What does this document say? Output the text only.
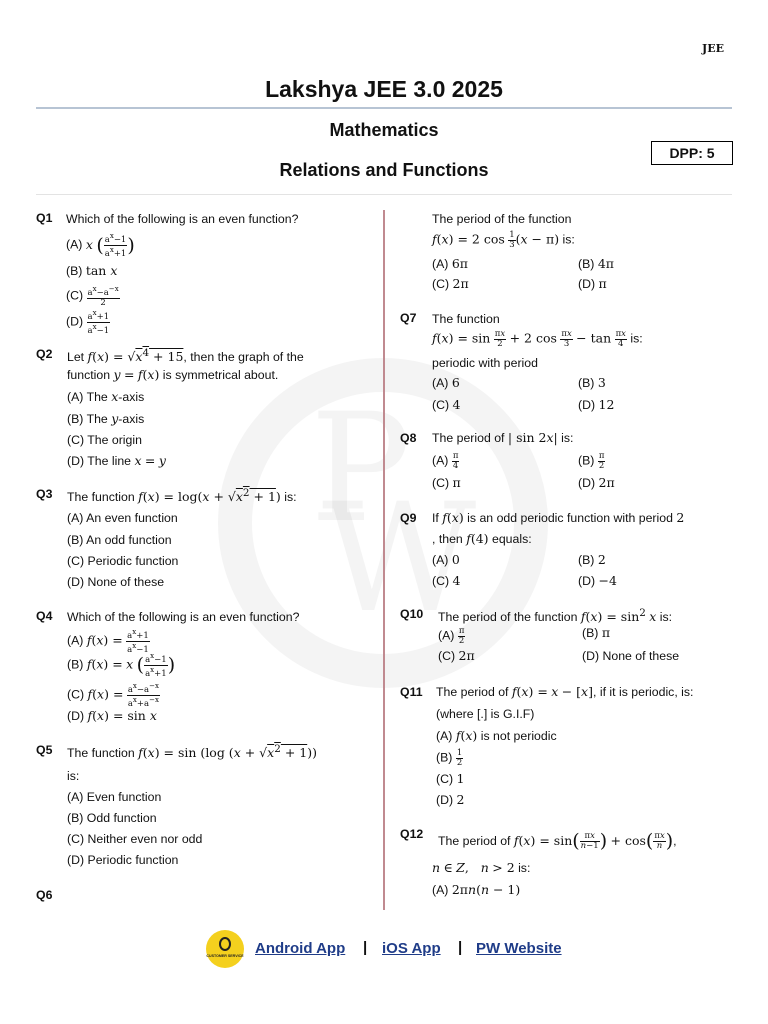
JEE
Lakshya JEE 3.0 2025
Mathematics
Relations and Functions
DPP: 5
Q1 Which of the following is an even function?
(A) x ( $\frac{a^x-1}{a^x+1}$ )
(B) tan x
$(C) \frac{a^x-a^{-x}}{2}$
$(D) \frac{a^x+1}{a^x-1}$
Q2 Let $f(x) = √x^4 + 15$, then the graph of the
function y = f(x) is symmetrical about.
(A) The x-axis
(B) The y-axis
(C) The origin
(D) The line x = y
Q3 The function $f(x) = \log(x + √x^2 + 1)$ is:
(A) An even function
(B) An odd function
(C) Periodic function
(D) None of these
Q4 Which of the following is an even function?
(A) $f(x) = \frac{a^x+1}{a^x-1}$
(B) f(x) = x ( $\frac{a^x-1}{a^x+1}$ )
(C) $f(x) = \frac{a^x-a^{-x}}{a^x+a^{-x}}$
(D) f(x) = sin x
Q5 The function f(x) = sin (log $(x + √x^2 + 1)$)
is:
(A) Even function
(B) Odd function
(C) Neither even nor odd
(D) Periodic function
Q6
The period of the function
f(x) = 2 $\cos \frac{1}{3} (x - \pi)$ is:
(A) 6π	(B) 4π
(C) 2π	(D) π
Q7 The function
$f(x) = \sin \frac{\pi x}{2} + 2$ $\cos \frac{\pi x}{3} - \tan \frac{\pi x}{4}$ is:
periodic with period
(A) 6	(B) 3
(C) 4	(D) 12
Q8 The period of | sin 2x| is:
$(A) \frac{\pi}{4}$	$(B) \frac{\pi}{2}$
(C) π	(D) 2π
Q9 If f(x) is an odd periodic function with period 2
, then f(4) equals:
(A) 0	(B) 2
(C) 4	(D) −4
Q10 The period of the function $f(x) = \sin^2 x$ is:
$(A) \frac{\pi}{2}$	(B) π
(C) 2π	(D) None of these
Q11 The period of f(x) = x − [x], if it is periodic, is:
(where [.] is G.I.F)
(A) f(x) is not periodic
$(B) \frac{1}{2}$
(C) 1
(D) 2
Q12 The period of $f(x) = \sin( \frac{\pi x}{n-1}$ ) + $\cos( \frac{\pi x}{n}$ ),
n ∈ Z,   n > 2 is:
(A) 2πn(n − 1)
CUSTOMER SERVICE Android App | iOS App | PW Website
